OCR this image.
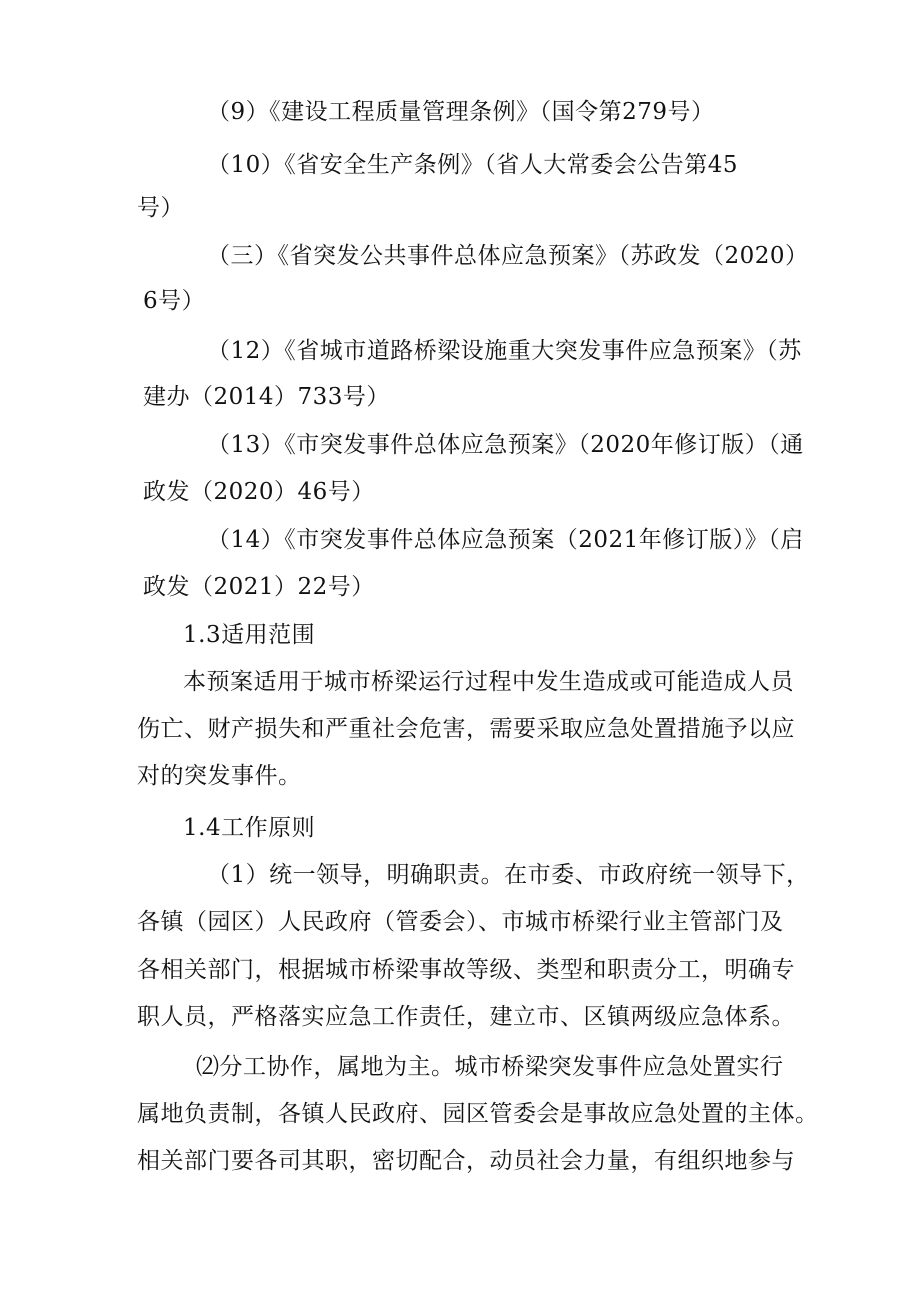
（9）《建设工程质量管理条例》（国令第279号）
（10）《省安全生产条例》（省人大常委会公告第45
号）
（三）《省突发公共事件总体应急预案》（苏政发（2020）
6号）
（12）《省城市道路桥梁设施重大突发事件应急预案》（苏
建办（2014）733号）
（13）《市突发事件总体应急预案》（2020年修订版）（通
政发（2020）46号）
（14）《市突发事件总体应急预案（2021年修订版）》（启
政发（2021）22号）
1.3适用范围
本预案适用于城市桥梁运行过程中发生造成或可能造成人员
伤亡、财产损失和严重社会危害，需要采取应急处置措施予以应
对的突发事件。
1.4工作原则
（1）统一领导，明确职责。在市委、市政府统一领导下，
各镇（园区）人民政府（管委会）、市城市桥梁行业主管部门及
各相关部门，根据城市桥梁事故等级、类型和职责分工，明确专
职人员，严格落实应急工作责任，建立市、区镇两级应急体系。
⑵分工协作，属地为主。城市桥梁突发事件应急处置实行
属地负责制，各镇人民政府、园区管委会是事故应急处置的主体。
相关部门要各司其职，密切配合，动员社会力量，有组织地参与
